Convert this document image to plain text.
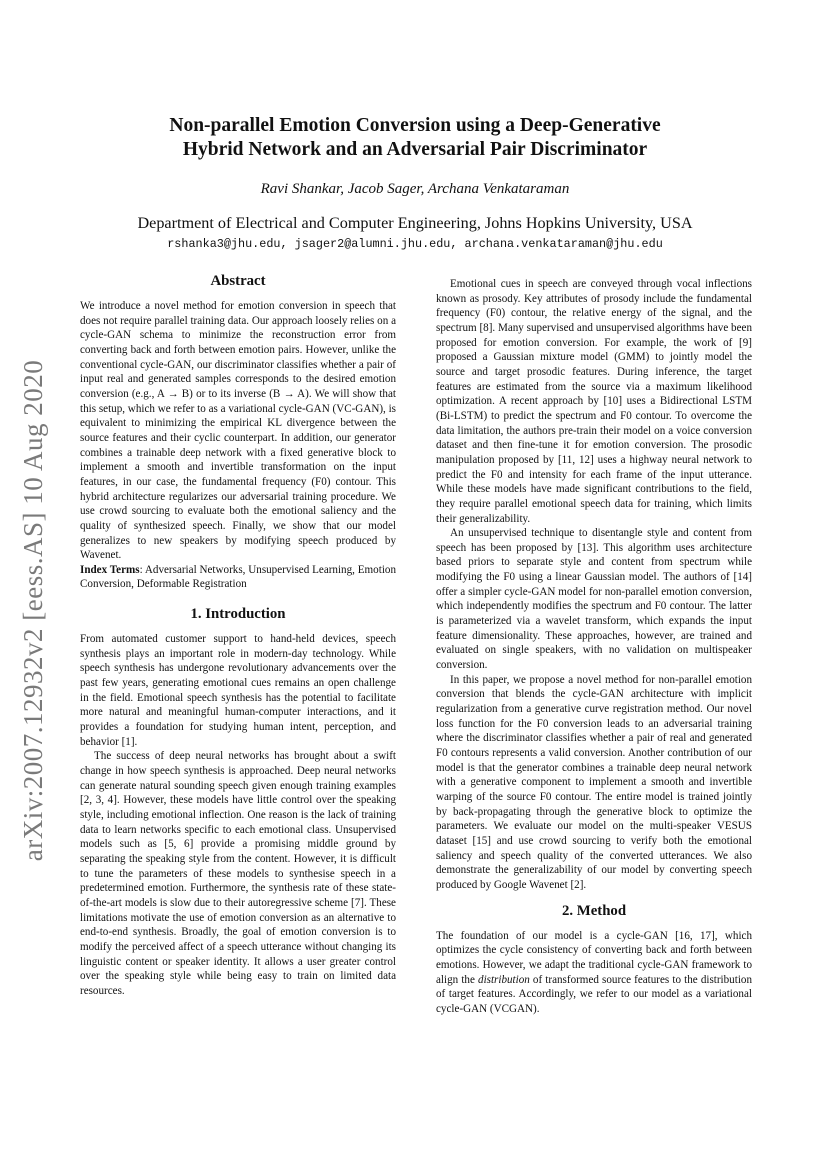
arXiv:2007.12932v2 [eess.AS] 10 Aug 2020
Non-parallel Emotion Conversion using a Deep-Generative
Hybrid Network and an Adversarial Pair Discriminator
Ravi Shankar, Jacob Sager, Archana Venkataraman
Department of Electrical and Computer Engineering, Johns Hopkins University, USA
rshanka3@jhu.edu, jsager2@alumni.jhu.edu, archana.venkataraman@jhu.edu
Abstract

We introduce a novel method for emotion conversion in speech that does not require parallel training data. Our approach loosely relies on a cycle-GAN schema to minimize the reconstruction error from converting back and forth between emotion pairs. However, unlike the conventional cycle-GAN, our discriminator classifies whether a pair of input real and generated samples corresponds to the desired emotion conversion (e.g., A → B) or to its inverse (B → A). We will show that this setup, which we refer to as a variational cycle-GAN (VC-GAN), is equivalent to minimizing the empirical KL divergence between the source features and their cyclic counterpart. In addition, our generator combines a trainable deep network with a fixed generative block to implement a smooth and invertible transformation on the input features, in our case, the fundamental frequency (F0) contour. This hybrid architecture regularizes our adversarial training procedure. We use crowd sourcing to evaluate both the emotional saliency and the quality of synthesized speech. Finally, we show that our model generalizes to new speakers by modifying speech produced by Wavenet.

Index Terms: Adversarial Networks, Unsupervised Learning, Emotion Conversion, Deformable Registration

1. Introduction

From automated customer support to hand-held devices, speech synthesis plays an important role in modern-day technology. While speech synthesis has undergone revolutionary advancements over the past few years, generating emotional cues remains an open challenge in the field. Emotional speech synthesis has the potential to facilitate more natural and meaningful human-computer interactions, and it provides a foundation for studying human intent, perception, and behavior [1].

The success of deep neural networks has brought about a swift change in how speech synthesis is approached. Deep neural networks can generate natural sounding speech given enough training examples [2, 3, 4]. However, these models have little control over the speaking style, including emotional inflection. One reason is the lack of training data to learn networks specific to each emotional class. Unsupervised models such as [5, 6] provide a promising middle ground by separating the speaking style from the content. However, it is difficult to tune the parameters of these models to synthesise speech in a predetermined emotion. Furthermore, the synthesis rate of these state-of-the-art models is slow due to their autoregressive scheme [7]. These limitations motivate the use of emotion conversion as an alternative to end-to-end synthesis. Broadly, the goal of emotion conversion is to modify the perceived affect of a speech utterance without changing its linguistic content or speaker identity. It allows a user greater control over the speaking style while being easy to train on limited data resources.

Emotional cues in speech are conveyed through vocal inflections known as prosody. Key attributes of prosody include the fundamental frequency (F0) contour, the relative energy of the signal, and the spectrum [8]. Many supervised and unsupervised algorithms have been proposed for emotion conversion. For example, the work of [9] proposed a Gaussian mixture model (GMM) to jointly model the source and target prosodic features. During inference, the target features are estimated from the source via a maximum likelihood optimization. A recent approach by [10] uses a Bidirectional LSTM (Bi-LSTM) to predict the spectrum and F0 contour. To overcome the data limitation, the authors pre-train their model on a voice conversion dataset and then fine-tune it for emotion conversion. The prosodic manipulation proposed by [11, 12] uses a highway neural network to predict the F0 and intensity for each frame of the input utterance. While these models have made significant contributions to the field, they require parallel emotional speech data for training, which limits their generalizability.

An unsupervised technique to disentangle style and content from speech has been proposed by [13]. This algorithm uses architecture based priors to separate style and content from spectrum while modifying the F0 using a linear Gaussian model. The authors of [14] offer a simpler cycle-GAN model for non-parallel emotion conversion, which independently modifies the spectrum and F0 contour. The latter is parameterized via a wavelet transform, which expands the input feature dimensionality. These approaches, however, are trained and evaluated on single speakers, with no validation on multispeaker conversion.

In this paper, we propose a novel method for non-parallel emotion conversion that blends the cycle-GAN architecture with implicit regularization from a generative curve registration method. Our novel loss function for the F0 conversion leads to an adversarial training where the discriminator classifies whether a pair of real and generated F0 contours represents a valid conversion. Another contribution of our model is that the generator combines a trainable deep neural network with a generative component to implement a smooth and invertible warping of the source F0 contour. The entire model is trained jointly by back-propagating through the generative block to optimize the parameters. We evaluate our model on the multi-speaker VESUS dataset [15] and use crowd sourcing to verify both the emotional saliency and speech quality of the converted utterances. We also demonstrate the generalizability of our model by converting speech produced by Google Wavenet [2].

2. Method

The foundation of our model is a cycle-GAN [16, 17], which optimizes the cycle consistency of converting back and forth between emotions. However, we adapt the traditional cycle-GAN framework to align the distribution of transformed source features to the distribution of target features. Accordingly, we refer to our model as a variational cycle-GAN (VCGAN).
